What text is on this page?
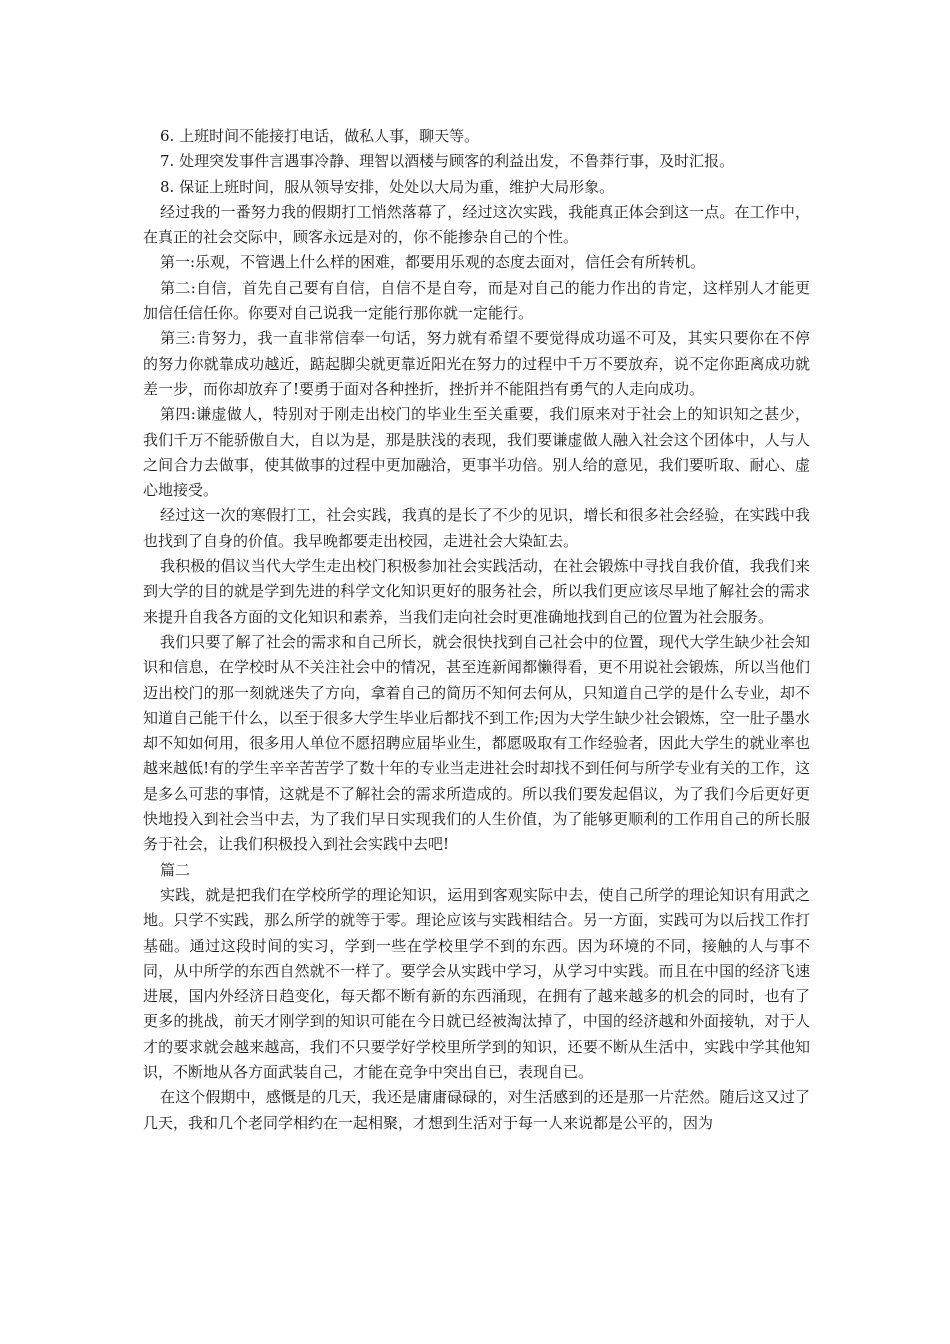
6. 上班时间不能接打电话，做私人事，聊天等。

7. 处理突发事件言遇事冷静、理智以酒楼与顾客的利益出发，不鲁莽行事，及时汇报。

8. 保证上班时间，服从领导安排，处处以大局为重，维护大局形象。

经过我的一番努力我的假期打工悄然落幕了，经过这次实践，我能真正体会到这一点。在工作中，在真正的社会交际中，顾客永远是对的，你不能掺杂自己的个性。

第一:乐观，不管遇上什么样的困难，都要用乐观的态度去面对，信任会有所转机。

第二:自信，首先自己要有自信，自信不是自夸，而是对自己的能力作出的肯定，这样别人才能更加信任信任你。你要对自己说我一定能行那你就一定能行。

第三:肯努力，我一直非常信奉一句话，努力就有希望不要觉得成功遥不可及，其实只要你在不停的努力你就靠成功越近，踮起脚尖就更靠近阳光在努力的过程中千万不要放弃，说不定你距离成功就差一步，而你却放弃了!要勇于面对各种挫折，挫折并不能阻挡有勇气的人走向成功。

第四:谦虚做人，特别对于刚走出校门的毕业生至关重要，我们原来对于社会上的知识知之甚少，我们千万不能骄傲自大，自以为是，那是肤浅的表现，我们要谦虚做人融入社会这个团体中，人与人之间合力去做事，使其做事的过程中更加融洽，更事半功倍。别人给的意见，我们要听取、耐心、虚心地接受。

经过这一次的寒假打工，社会实践，我真的是长了不少的见识，增长和很多社会经验，在实践中我也找到了自身的价值。我早晚都要走出校园，走进社会大染缸去。

我积极的倡议当代大学生走出校门积极参加社会实践活动，在社会锻炼中寻找自我价值，我我们来到大学的目的就是学到先进的科学文化知识更好的服务社会，所以我们更应该尽早地了解社会的需求来提升自我各方面的文化知识和素养，当我们走向社会时更准确地找到自己的位置为社会服务。

我们只要了解了社会的需求和自己所长，就会很快找到自己社会中的位置，现代大学生缺少社会知识和信息，在学校时从不关注社会中的情况，甚至连新闻都懒得看，更不用说社会锻炼，所以当他们迈出校门的那一刻就迷失了方向，拿着自己的简历不知何去何从，只知道自己学的是什么专业，却不知道自己能干什么，以至于很多大学生毕业后都找不到工作;因为大学生缺少社会锻炼，空一肚子墨水却不知如何用，很多用人单位不愿招聘应届毕业生，都愿吸取有工作经验者，因此大学生的就业率也越来越低!有的学生辛辛苦苦学了数十年的专业当走进社会时却找不到任何与所学专业有关的工作，这是多么可悲的事情，这就是不了解社会的需求所造成的。所以我们要发起倡议，为了我们今后更好更快地投入到社会当中去，为了我们早日实现我们的人生价值，为了能够更顺利的工作用自己的所长服务于社会，让我们积极投入到社会实践中去吧!

篇二

实践，就是把我们在学校所学的理论知识，运用到客观实际中去，使自己所学的理论知识有用武之地。只学不实践，那么所学的就等于零。理论应该与实践相结合。另一方面，实践可为以后找工作打基础。通过这段时间的实习，学到一些在学校里学不到的东西。因为环境的不同，接触的人与事不同，从中所学的东西自然就不一样了。要学会从实践中学习，从学习中实践。而且在中国的经济飞速进展，国内外经济日趋变化，每天都不断有新的东西涌现，在拥有了越来越多的机会的同时，也有了更多的挑战，前天才刚学到的知识可能在今日就已经被淘汰掉了，中国的经济越和外面接轨，对于人才的要求就会越来越高，我们不只要学好学校里所学到的知识，还要不断从生活中，实践中学其他知识，不断地从各方面武装自己，才能在竞争中突出自已，表现自已。

在这个假期中，感慨是的几天，我还是庸庸碌碌的，对生活感到的还是那一片茫然。随后这又过了几天，我和几个老同学相约在一起相聚，才想到生活对于每一人来说都是公平的，因为
